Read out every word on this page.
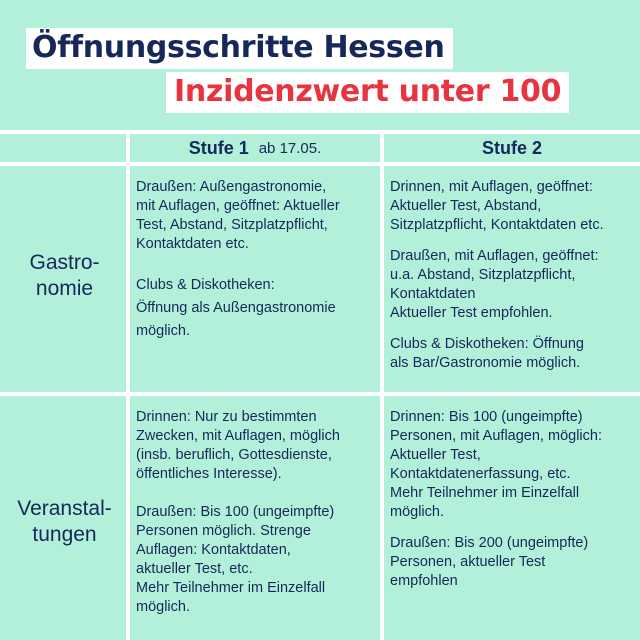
Öffnungsschritte Hessen
Inzidenzwert unter 100
Stufe 1 ab 17.05.	Stufe 2

Gastro-
nomie

Draußen: Außengastronomie,
mit Auflagen, geöffnet: Aktueller
Test, Abstand, Sitzplatzpflicht,
Kontaktdaten etc.

Clubs & Diskotheken:
Öffnung als Außengastronomie
möglich.

Drinnen, mit Auflagen, geöffnet:
Aktueller Test, Abstand,
Sitzplatzpflicht, Kontaktdaten etc.

Draußen, mit Auflagen, geöffnet:
u.a. Abstand, Sitzplatzpflicht,
Kontaktdaten
Aktueller Test empfohlen.

Clubs & Diskotheken: Öffnung
als Bar/Gastronomie möglich.

Veranstal-
tungen

Drinnen: Nur zu bestimmten
Zwecken, mit Auflagen, möglich
(insb. beruflich, Gottesdienste,
öffentliches Interesse).

Draußen: Bis 100 (ungeimpfte)
Personen möglich. Strenge
Auflagen: Kontaktdaten,
aktueller Test, etc.
Mehr Teilnehmer im Einzelfall
möglich.

Drinnen: Bis 100 (ungeimpfte)
Personen, mit Auflagen, möglich:
Aktueller Test,
Kontaktdatenerfassung, etc.
Mehr Teilnehmer im Einzelfall
möglich.

Draußen: Bis 200 (ungeimpfte)
Personen, aktueller Test
empfohlen
